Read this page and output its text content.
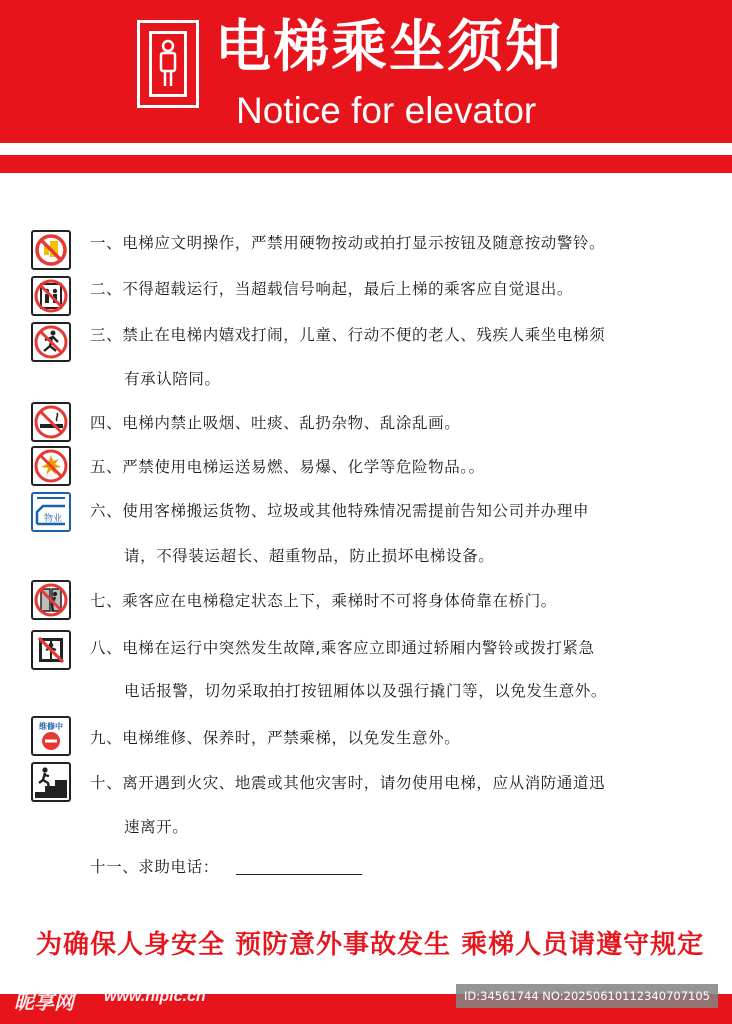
电梯乘坐须知
Notice for elevator
一、电梯应文明操作，严禁用硬物按动或拍打显示按钮及随意按动警铃。
二、不得超载运行，当超载信号响起，最后上梯的乘客应自觉退出。
三、禁止在电梯内嬉戏打闹，儿童、行动不便的老人、残疾人乘坐电梯须
有承认陪同。
四、电梯内禁止吸烟、吐痰、乱扔杂物、乱涂乱画。
五、严禁使用电梯运送易燃、易爆、化学等危险物品。。
物业 六、使用客梯搬运货物、垃圾或其他特殊情况需提前告知公司并办理申
请，不得装运超长、超重物品，防止损坏电梯设备。
七、乘客应在电梯稳定状态上下，乘梯时不可将身体倚靠在桥门。
八、电梯在运行中突然发生故障,乘客应立即通过轿厢内警铃或拨打紧急
电话报警，切勿采取拍打按钮厢体以及强行撬门等，以免发生意外。
维修中
九、电梯维修、保养时，严禁乘梯，以免发生意外。
十、离开遇到火灾、地震或其他灾害时，请勿使用电梯，应从消防通道迅
速离开。
十一、求助电话：
为确保人身安全 预防意外事故发生 乘梯人员请遵守规定
昵享网 www.nipic.cn	ID:34561744 NO:20250610112340707105
